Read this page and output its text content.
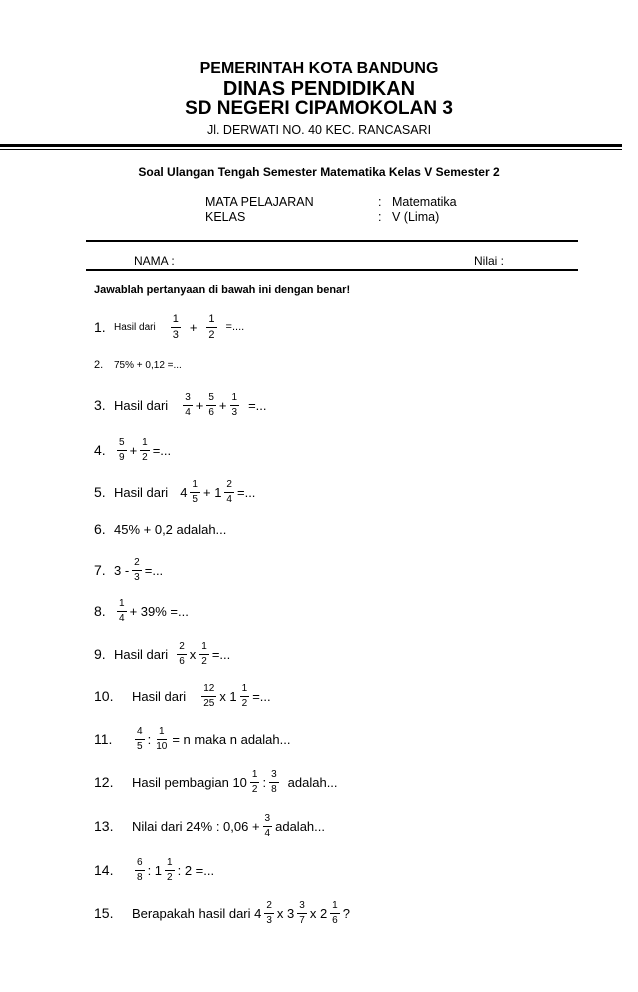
PEMERINTAH KOTA BANDUNG
DINAS PENDIDIKAN
SD NEGERI CIPAMOKOLAN 3
Jl. DERWATI NO. 40 KEC. RANCASARI
Soal Ulangan Tengah Semester Matematika Kelas V Semester 2
MATA PELAJARAN	: Matematika
KELAS	: V (Lima)
NAMA :	Nilai :
Jawablah pertanyaan di bawah ini dengan benar!
1. Hasil dari $\frac{1}{3} + \frac{1}{2}$ =....
2.	75% + 0,12 =...
3. Hasil dari $\frac{3}{4} + \frac{5}{6} + \frac{1}{3}$ =...
4.	$\frac{5}{9} + \frac{1}{2}$ =...
5. Hasil dari $4 \frac{1}{5} + 1 \frac{2}{4}$ =...
6. 45% + 0,2 adalah...
7. $3 - \frac{2}{3}$ =...
8.	$\frac{1}{4} + 39\%$ =...
9. Hasil dari $\frac{2}{6}$ x $\frac{1}{2}$ =...
10.	Hasil dari $\frac{12}{25}$ x $1 \frac{1}{2}$ =...
11.	$\frac{4}{5}$ : $\frac{1}{10} = n$ maka n adalah...
12.	Hasil pembagian $10 \frac{1}{2}$ : $\frac{3}{8}$ adalah...
13.	Nilai dari 24% : $0,06 + \frac{3}{4}$ adalah...
14.	$\frac{6}{8}$ : $1 \frac{1}{2}$ : 2 =...
15.	Berapakah hasil dari $4 \frac{2}{3}$ x $3 \frac{3}{7}$ x $2 \frac{1}{6}$ ?
